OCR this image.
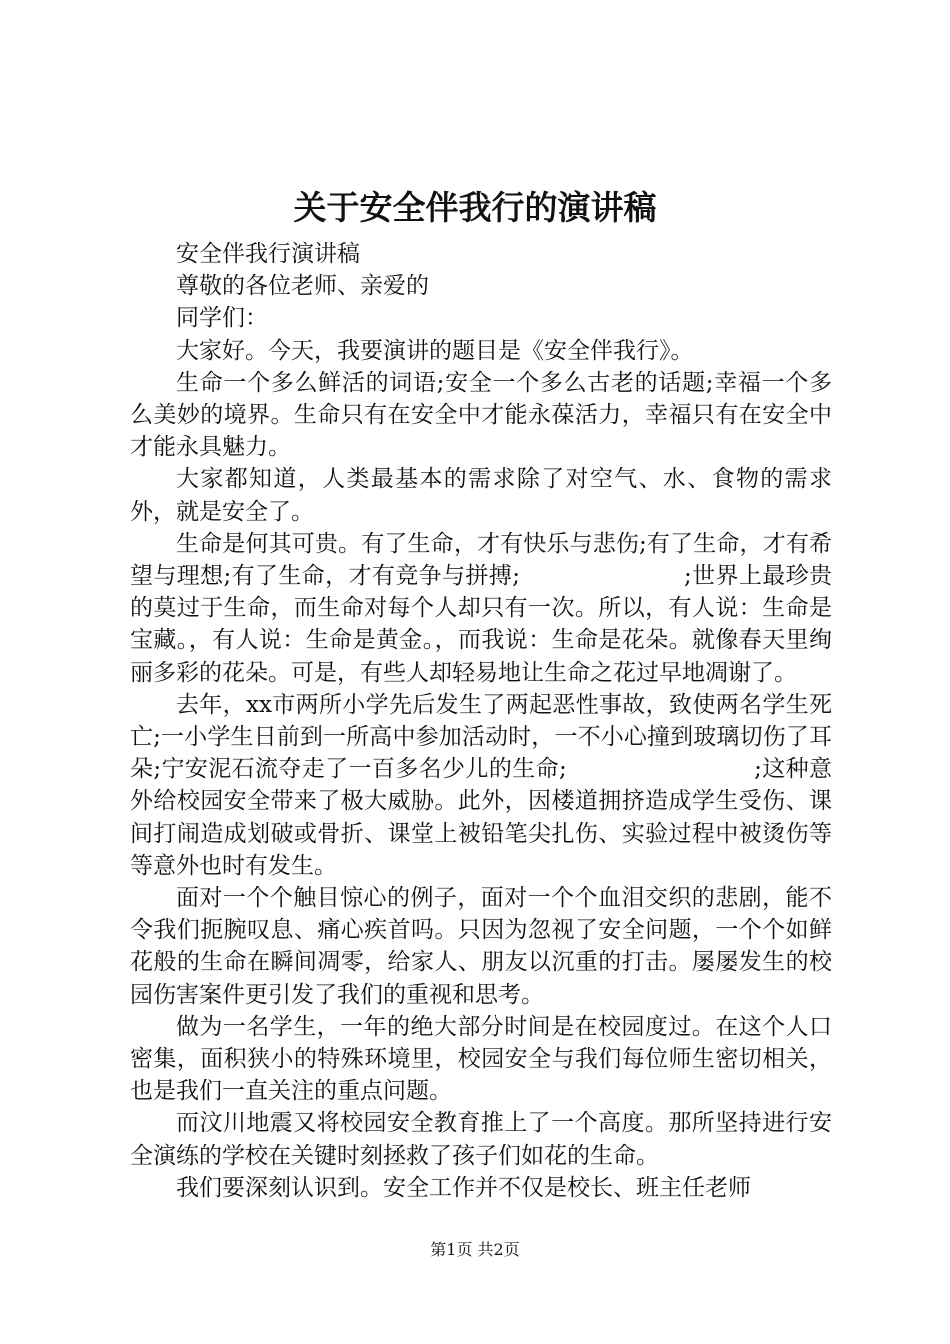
关于安全伴我行的演讲稿

安全伴我行演讲稿

尊敬的各位老师、亲爱的

同学们：

大家好。今天，我要演讲的题目是《安全伴我行》。

生命一个多么鲜活的词语;安全一个多么古老的话题;幸福一个多么美妙的境界。生命只有在安全中才能永葆活力，幸福只有在安全中才能永具魅力。

大家都知道，人类最基本的需求除了对空气、水、食物的需求外，就是安全了。

生命是何其可贵。有了生命，才有快乐与悲伤;有了生命，才有希望与理想;有了生命，才有竞争与拼搏;　　　　　　　;世界上最珍贵的莫过于生命，而生命对每个人却只有一次。所以，有人说：生命是宝藏。，有人说：生命是黄金。，而我说：生命是花朵。就像春天里绚丽多彩的花朵。可是，有些人却轻易地让生命之花过早地凋谢了。

去年，xx市两所小学先后发生了两起恶性事故，致使两名学生死亡;一小学生日前到一所高中参加活动时，一不小心撞到玻璃切伤了耳朵;宁安泥石流夺走了一百多名少儿的生命;　　　　　　　　;这种意外给校园安全带来了极大威胁。此外，因楼道拥挤造成学生受伤、课间打闹造成划破或骨折、课堂上被铅笔尖扎伤、实验过程中被烫伤等等意外也时有发生。

面对一个个触目惊心的例子，面对一个个血泪交织的悲剧，能不令我们扼腕叹息、痛心疾首吗。只因为忽视了安全问题，一个个如鲜花般的生命在瞬间凋零，给家人、朋友以沉重的打击。屡屡发生的校园伤害案件更引发了我们的重视和思考。

做为一名学生，一年的绝大部分时间是在校园度过。在这个人口密集，面积狭小的特殊环境里，校园安全与我们每位师生密切相关，也是我们一直关注的重点问题。

而汶川地震又将校园安全教育推上了一个高度。那所坚持进行安全演练的学校在关键时刻拯救了孩子们如花的生命。

我们要深刻认识到。安全工作并不仅是校长、班主任老师

第1页 共2页
